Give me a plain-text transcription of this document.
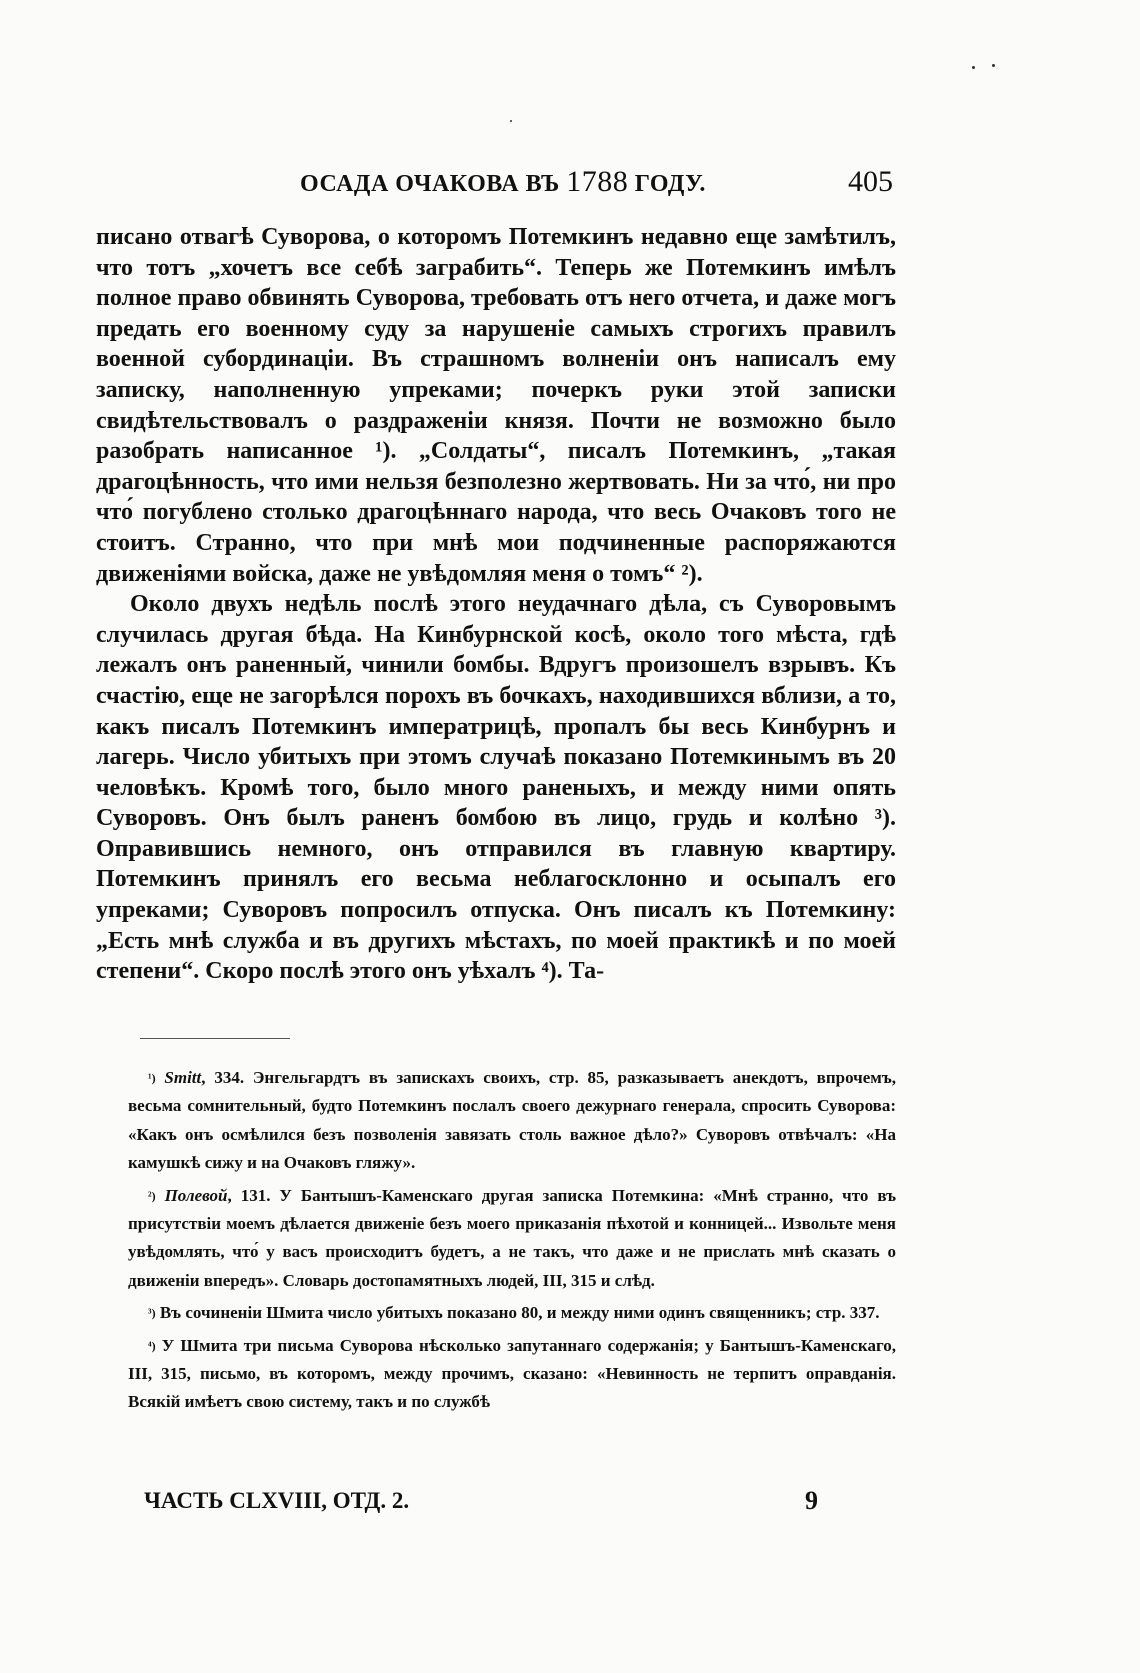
ОСАДА ОЧАКОВА ВЪ 1788 ГОДУ.	405

писано отвагѣ Суворова, о которомъ Потемкинъ недавно еще замѣтилъ, что тотъ „хочетъ все себѣ заграбить“. Теперь же Потемкинъ имѣлъ полное право обвинять Суворова, требовать отъ него отчета, и даже могъ предать его военному суду за нарушеніе самыхъ строгихъ правилъ военной субординаціи. Въ страшномъ волненіи онъ написалъ ему записку, наполненную упреками; почеркъ руки этой записки свидѣтельствовалъ о раздраженіи князя. Почти не возможно было разобрать написанное ¹). „Солдаты“, писалъ Потемкинъ, „такая драгоцѣнность, что ими нельзя безполезно жертвовать. Ни за что́, ни про что́ погублено столько драгоцѣннаго народа, что весь Очаковъ того не стоитъ. Странно, что при мнѣ мои подчиненные распоряжаются движеніями войска, даже не увѣдомляя меня о томъ“ ²).

Около двухъ недѣль послѣ этого неудачнаго дѣла, съ Суворовымъ случилась другая бѣда. На Кинбурнской косѣ, около того мѣста, гдѣ лежалъ онъ раненный, чинили бомбы. Вдругъ произошелъ взрывъ. Къ счастію, еще не загорѣлся порохъ въ бочкахъ, находившихся вблизи, а то, какъ писалъ Потемкинъ императрицѣ, пропалъ бы весь Кинбурнъ и лагерь. Число убитыхъ при этомъ случаѣ показано Потемкинымъ въ 20 человѣкъ. Кромѣ того, было много раненыхъ, и между ними опять Суворовъ. Онъ былъ раненъ бомбою въ лицо, грудь и колѣно ³). Оправившись немного, онъ отправился въ главную квартиру. Потемкинъ принялъ его весьма неблагосклонно и осыпалъ его упреками; Суворовъ попросилъ отпуска. Онъ писалъ къ Потемкину: „Есть мнѣ служба и въ другихъ мѣстахъ, по моей практикѣ и по моей степени“. Скоро послѣ этого онъ уѣхалъ ⁴). Та-

$^{^1)}$ Smitt, 334. Энгельгардтъ въ запискахъ своихъ, стр. 85, разказываетъ анекдотъ, впрочемъ, весьма сомнительный, будто Потемкинъ послалъ своего дежурнаго генерала, спросить Суворова: «Какъ онъ осмѣлился безъ позволенія завязать столь важное дѣло?» Суворовъ отвѣчалъ: «На камушкѣ сижу и на Очаковъ гляжу».

$^{^2)}$ Полевой, 131. У Бантышъ-Каменскаго другая записка Потемкина: «Мнѣ странно, что въ присутствіи моемъ дѣлается движеніе безъ моего приказанія пѣхотой и конницей... Извольте меня увѣдомлять, что́ у васъ происходитъ будетъ, а не такъ, что даже и не прислать мнѣ сказать о движеніи впередъ». Словарь достопамятныхъ людей, III, 315 и слѣд.

$^{^3)}$ Въ сочиненіи Шмита число убитыхъ показано 80, и между ними одинъ священникъ; стр. 337.

$^{^4)}$ У Шмита три письма Суворова нѣсколько запутаннаго содержанія; у Бантышъ-Каменскаго, III, 315, письмо, въ которомъ, между прочимъ, сказано: «Невинность не терпитъ оправданія. Всякій имѣетъ свою систему, такъ и по службѣ

ЧАСТЬ CLXVIII, ОТД. 2.	9
